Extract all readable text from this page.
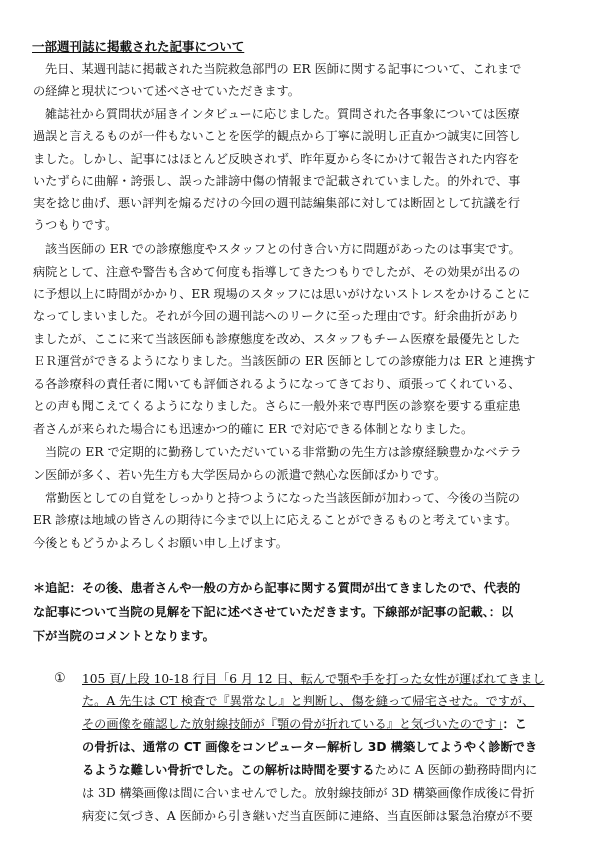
一部週刊誌に掲載された記事について
先日、某週刊誌に掲載された当院救急部門の ER 医師に関する記事について、これまで
の経緯と現状について述べさせていただきます。
雑誌社から質問状が届きインタビューに応じました。質問された各事象については医療
過誤と言えるものが一件もないことを医学的観点から丁寧に説明し正直かつ誠実に回答し
ました。しかし、記事にはほとんど反映されず、昨年夏から冬にかけて報告された内容を
いたずらに曲解・誇張し、誤った誹謗中傷の情報まで記載されていました。的外れで、事
実を捻じ曲げ、悪い評判を煽るだけの今回の週刊誌編集部に対しては断固として抗議を行
うつもりです。
該当医師の ER での診療態度やスタッフとの付き合い方に問題があったのは事実です。
病院として、注意や警告も含めて何度も指導してきたつもりでしたが、その効果が出るの
に予想以上に時間がかかり、ER 現場のスタッフには思いがけないストレスをかけることに
なってしまいました。それが今回の週刊誌へのリークに至った理由です。紆余曲折があり
ましたが、ここに来て当該医師も診療態度を改め、スタッフもチーム医療を最優先とした
ＥＲ運営ができるようになりました。当該医師の ER 医師としての診療能力は ER と連携す
る各診療科の責任者に聞いても評価されるようになってきており、頑張ってくれている、
との声も聞こえてくるようになりました。さらに一般外来で専門医の診察を要する重症患
者さんが来られた場合にも迅速かつ的確に ER で対応できる体制となりました。
当院の ER で定期的に勤務していただいている非常勤の先生方は診療経験豊かなベテラ
ン医師が多く、若い先生方も大学医局からの派遣で熱心な医師ばかりです。
常勤医としての自覚をしっかりと持つようになった当該医師が加わって、今後の当院の
ER 診療は地域の皆さんの期待に今まで以上に応えることができるものと考えています。
今後ともどうかよろしくお願い申し上げます。
＊追記：その後、患者さんや一般の方から記事に関する質問が出てきましたので、代表的
な記事について当院の見解を下記に述べさせていただきます。下線部が記事の記載、：以
下が当院のコメントとなります。
① 105 頁/上段 10-18 行目「6 月 12 日、転んで顎や手を打った女性が運ばれてきまし
た。A 先生は CT 検査で『異常なし』と判断し、傷を縫って帰宅させた。ですが、
その画像を確認した放射線技師が『顎の骨が折れている』と気づいたのです」：こ
の骨折は、通常の CT 画像をコンピューター解析し 3D 構築してようやく診断でき
るような難しい骨折でした。この解析は時間を要するために A 医師の勤務時間内に
は 3D 構築画像は間に合いませんでした。放射線技師が 3D 構築画像作成後に骨折
病変に気づき、A 医師から引き継いだ当直医師に連絡、当直医師は緊急治療が不要
